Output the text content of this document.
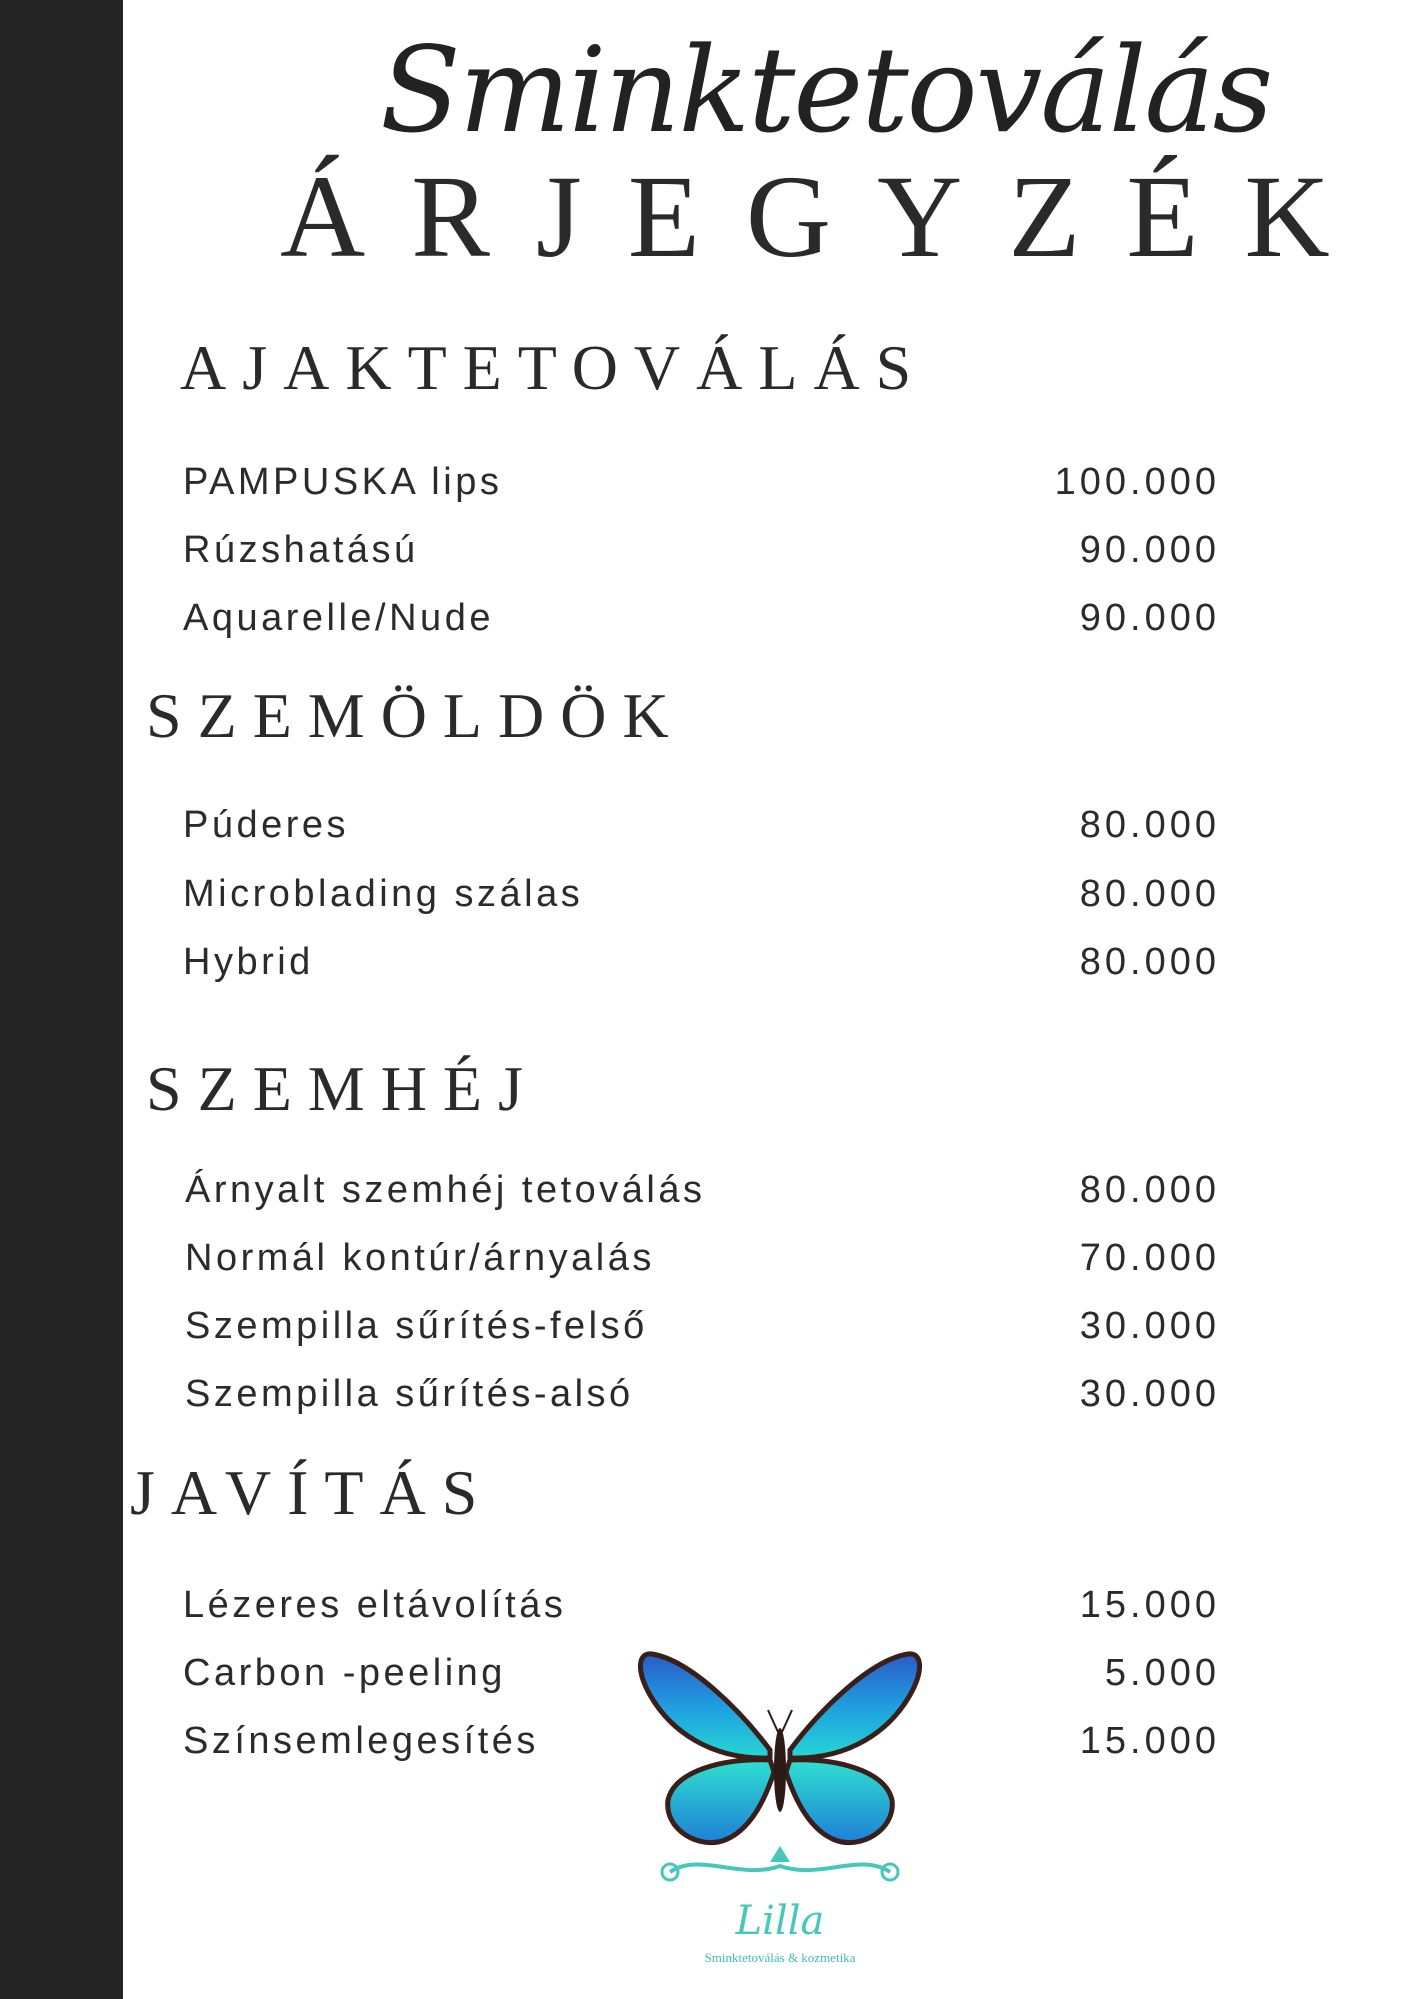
Sminktetoválás
ÁRJEGYZÉK
AJAKTETOVÁLÁS
PAMPUSKA lips	100.000
Rúzshatású	90.000
Aquarelle/Nude	90.000
SZEMÖLDÖK
Púderes	80.000
Microblading szálas	80.000
Hybrid	80.000
SZEMHÉJ
Árnyalt szemhéj tetoválás	80.000
Normál kontúr/árnyalás	70.000
Szempilla sűrítés-felső	30.000
Szempilla sűrítés-alsó	30.000
JAVÍTÁS
Lézeres eltávolítás	15.000
Carbon -peeling	5.000
Színsemlegesítés	15.000
Lilla
Sminktetoválás & kozmetika
